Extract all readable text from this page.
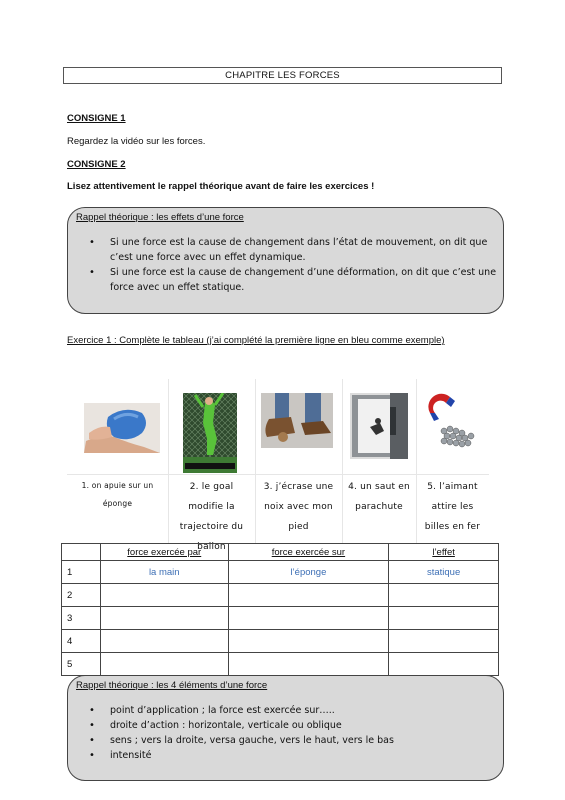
CHAPITRE LES FORCES
CONSIGNE 1
Regardez la vidéo sur les forces.
CONSIGNE 2
Lisez attentivement le rappel théorique avant de faire les exercices !
Rappel théorique : les effets d’une force
• Si une force est la cause de changement dans l’état de mouvement, on dit que c’est une force avec un effet dynamique.
• Si une force est la cause de changement d’une déformation, on dit que c’est une force avec un effet statique.
Exercice 1 : Complète le tableau (j’ai complété la première ligne en bleu comme exemple)
1. on apuie sur un éponge
2. le goal modifie la trajectoire du ballon
3. j’écrase une noix avec mon pied
4. un saut en parachute
5. l’aimant attire les billes en fer
	force exercée par	force exercée sur	l’effet
1	la main	l’éponge	statique
2			
3			
4			
5			
Rappel théorique : les 4 éléments d’une force
• point d’application ; la force est exercée sur…..
• droite d’action : horizontale, verticale ou oblique
• sens ; vers la droite, versa gauche, vers le haut, vers le bas
• intensité
